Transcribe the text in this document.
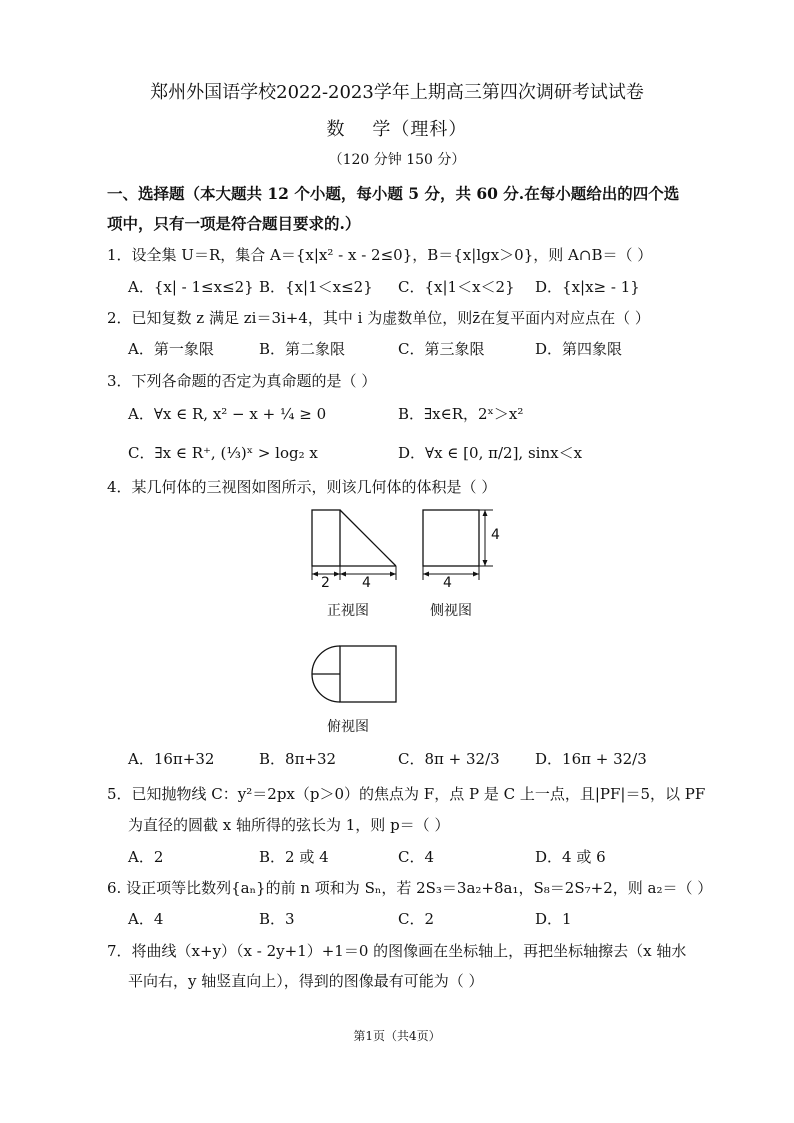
郑州外国语学校2022-2023学年上期高三第四次调研考试试卷
数    学（理科）
（120 分钟 150 分）
一、选择题（本大题共 12 个小题，每小题 5 分，共 60 分.在每小题给出的四个选
项中，只有一项是符合题目要求的.）
1．设全集 U＝R，集合 A＝{x|x² - x - 2≤0}，B＝{x|lgx＞0}，则 A∩B＝（ ）
A．{x| - 1≤x≤2} B．{x|1＜x≤2} C．{x|1＜x＜2} D．{x|x≥ - 1}
2．已知复数 z 满足 zi＝3i+4，其中 i 为虚数单位，则z̄在复平面内对应点在（ ）
A．第一象限	B．第二象限	C．第三象限	D．第四象限
3．下列各命题的否定为真命题的是（ ）
A．∀x ∈ R, x² − x + ¼ ≥ 0	B．∃x∈R，2ˣ＞x²
C．∃x ∈ R⁺, (⅓)ˣ > log₂ x	D．∀x ∈ [0, π/2], sinx＜x
4．某几何体的三视图如图所示，则该几何体的体积是（ ）
2 4
正视图
4
4
侧视图
俯视图
A．16π+32	B．8π+32	C．8π + 32/3 D．16π + 32/3
5．已知抛物线 C：y²＝2px（p＞0）的焦点为 F，点 P 是 C 上一点，且|PF|＝5，以 PF
为直径的圆截 x 轴所得的弦长为 1，则 p＝（ ）
A．2	B．2 或 4	C．4	D．4 或 6
6. 设正项等比数列{aₙ}的前 n 项和为 Sₙ，若 2S₃＝3a₂+8a₁，S₈＝2S₇+2，则 a₂＝（ ）
A．4	B．3	C．2	D．1
7．将曲线（x+y）（x - 2y+1）+1＝0 的图像画在坐标轴上，再把坐标轴擦去（x 轴水
平向右，y 轴竖直向上），得到的图像最有可能为（ ）
第1页（共4页）
